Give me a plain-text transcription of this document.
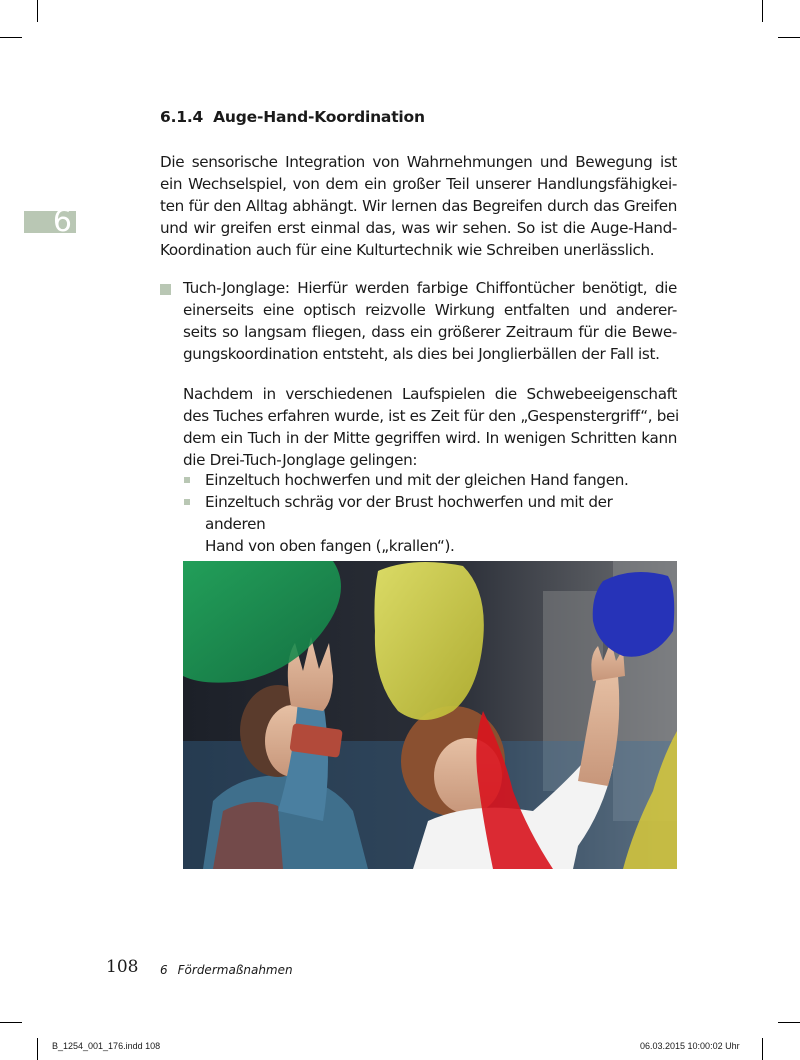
6
6.1.4 Auge-Hand-Koordination
Die sensorische Integration von Wahrnehmungen und Bewegung ist
ein Wechselspiel, von dem ein großer Teil unserer Handlungsfähigkei-
ten für den Alltag abhängt. Wir lernen das Begreifen durch das Greifen
und wir greifen erst einmal das, was wir sehen. So ist die Auge-Hand-
Koordination auch für eine Kulturtechnik wie Schreiben unerlässlich.
Tuch-Jonglage: Hierfür werden farbige Chiffontücher benötigt, die
einerseits eine optisch reizvolle Wirkung entfalten und anderer-
seits so langsam fliegen, dass ein größerer Zeitraum für die Bewe-
gungskoordination entsteht, als dies bei Jonglierbällen der Fall ist.
Nachdem in verschiedenen Laufspielen die Schwebeeigenschaft
des Tuches erfahren wurde, ist es Zeit für den „Gespenstergriff“, bei
dem ein Tuch in der Mitte gegriffen wird. In wenigen Schritten kann
die Drei-Tuch-Jonglage gelingen:
Einzeltuch hochwerfen und mit der gleichen Hand fangen.
Einzeltuch schräg vor der Brust hochwerfen und mit der anderen
Hand von oben fangen („krallen“).
108 6 Fördermaßnahmen
B_1254_001_176.indd 108	06.03.2015 10:00:02 Uhr
